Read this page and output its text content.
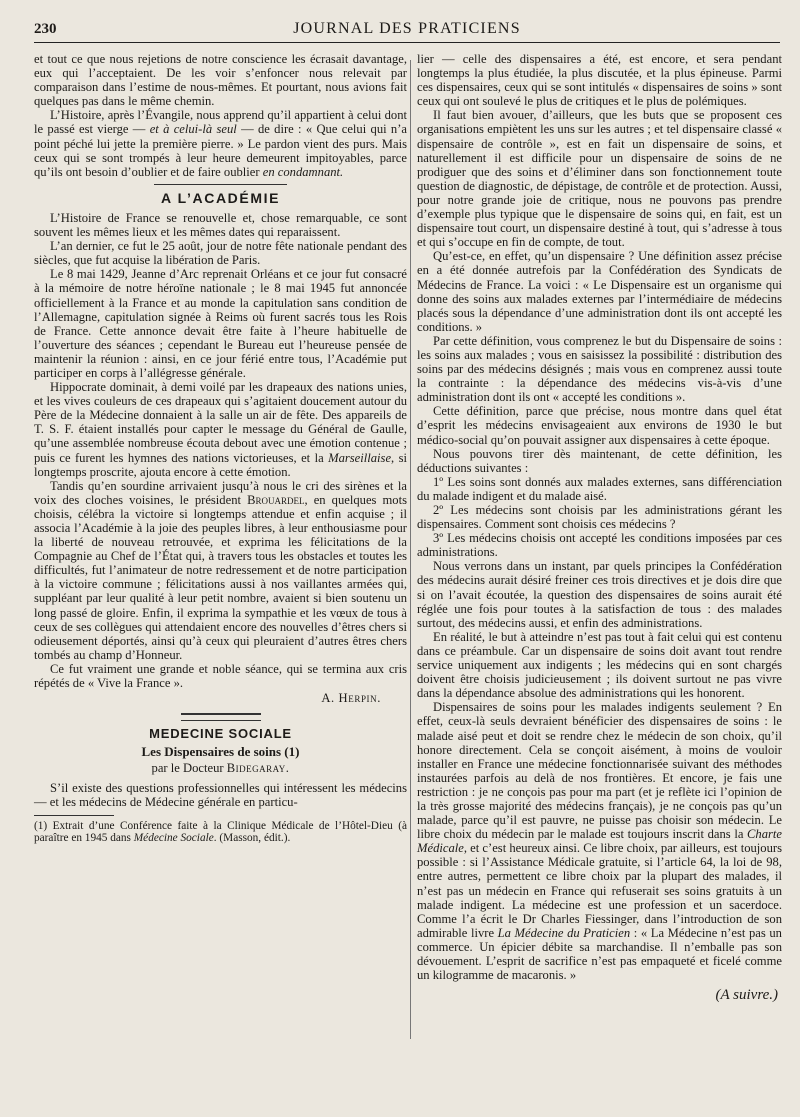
230	JOURNAL DES PRATICIENS

et tout ce que nous rejetions de notre conscience les écrasait davantage, eux qui l’acceptaient. De les voir s’enfoncer nous relevait par comparaison dans l’estime de nous-mêmes. Et pourtant, nous avions fait quelques pas dans le même chemin.

L’Histoire, après l’Évangile, nous apprend qu’il appartient à celui dont le passé est vierge — et à celui-là seul — de dire : « Que celui qui n’a point péché lui jette la première pierre. » Le pardon vient des purs. Mais ceux qui se sont trompés à leur heure demeurent impitoyables, parce qu’ils ont besoin d’oublier et de faire oublier en condamnant.

A L’ACADÉMIE

L’Histoire de France se renouvelle et, chose remarquable, ce sont souvent les mêmes lieux et les mêmes dates qui reparaissent.

L’an dernier, ce fut le 25 août, jour de notre fête nationale pendant des siècles, que fut acquise la libération de Paris.

Le 8 mai 1429, Jeanne d’Arc reprenait Orléans et ce jour fut consacré à la mémoire de notre héroïne nationale ; le 8 mai 1945 fut annoncée officiellement à la France et au monde la capitulation sans condition de l’Allemagne, capitulation signée à Reims où furent sacrés tous les Rois de France. Cette annonce devait être faite à l’heure habituelle de l’ouverture des séances ; cependant le Bureau eut l’heureuse pensée de maintenir la réunion : ainsi, en ce jour férié entre tous, l’Académie put participer en corps à l’allégresse générale.

Hippocrate dominait, à demi voilé par les drapeaux des nations unies, et les vives couleurs de ces drapeaux qui s’agitaient doucement autour du Père de la Médecine donnaient à la salle un air de fête. Des appareils de T. S. F. étaient installés pour capter le message du Général de Gaulle, qu’une assemblée nombreuse écouta debout avec une émotion contenue ; puis ce furent les hymnes des nations victorieuses, et la Marseillaise, si longtemps proscrite, ajouta encore à cette émotion.

Tandis qu’en sourdine arrivaient jusqu’à nous le cri des sirènes et la voix des cloches voisines, le président Brouardel, en quelques mots choisis, célébra la victoire si longtemps attendue et enfin acquise ; il associa l’Académie à la joie des peuples libres, à leur enthousiasme pour la liberté de nouveau retrouvée, et exprima les félicitations de la Compagnie au Chef de l’État qui, à travers tous les obstacles et toutes les difficultés, fut l’animateur de notre redressement et de notre participation à la victoire commune ; félicitations aussi à nos vaillantes armées qui, suppléant par leur qualité à leur petit nombre, avaient si bien soutenu un long passé de gloire. Enfin, il exprima la sympathie et les vœux de tous à ceux de ses collègues qui attendaient encore des nouvelles d’êtres chers si odieusement déportés, ainsi qu’à ceux qui pleuraient d’autres êtres chers tombés au champ d’Honneur.

Ce fut vraiment une grande et noble séance, qui se termina aux cris répétés de « Vive la France ».

A. Herpin.
MEDECINE SOCIALE
Les Dispensaires de soins (1)
par le Docteur Bidegaray.

S’il existe des questions professionnelles qui intéressent les médecins — et les médecins de Médecine générale en particu-

(1) Extrait d’une Conférence faite à la Clinique Médicale de l’Hôtel-Dieu (à paraître en 1945 dans Médecine Sociale. (Masson, édit.).

lier — celle des dispensaires a été, est encore, et sera pendant longtemps la plus étudiée, la plus discutée, et la plus épineuse. Parmi ces dispensaires, ceux qui se sont intitulés « dispensaires de soins » sont ceux qui ont soulevé le plus de critiques et le plus de polémiques.

Il faut bien avouer, d’ailleurs, que les buts que se proposent ces organisations empiètent les uns sur les autres ; et tel dispensaire classé « dispensaire de contrôle », est en fait un dispensaire de soins, et naturellement il est difficile pour un dispensaire de soins de ne prodiguer que des soins et d’éliminer dans son fonctionnement toute question de diagnostic, de dépistage, de contrôle et de protection. Aussi, pour notre grande joie de critique, nous ne pouvons pas prendre d’exemple plus typique que le dispensaire de soins qui, en fait, est un dispensaire tout court, un dispensaire destiné à tout, qui s’adresse à tous et qui s’occupe en fin de compte, de tout.

Qu’est-ce, en effet, qu’un dispensaire ? Une définition assez précise en a été donnée autrefois par la Confédération des Syndicats de Médecins de France. La voici : « Le Dispensaire est un organisme qui donne des soins aux malades externes par l’intermédiaire de médecins placés sous la dépendance d’une administration dont ils ont accepté les conditions. »

Par cette définition, vous comprenez le but du Dispensaire de soins : les soins aux malades ; vous en saisissez la possibilité : distribution des soins par des médecins désignés ; mais vous en comprenez aussi toute la contrainte : la dépendance des médecins vis-à-vis d’une administration dont ils ont « accepté les conditions ».

Cette définition, parce que précise, nous montre dans quel état d’esprit les médecins envisageaient aux environs de 1930 le but médico-social qu’on pouvait assigner aux dispensaires à cette époque.

Nous pouvons tirer dès maintenant, de cette définition, les déductions suivantes :

1º Les soins sont donnés aux malades externes, sans différenciation du malade indigent et du malade aisé.

2º Les médecins sont choisis par les administrations gérant les dispensaires. Comment sont choisis ces médecins ?

3º Les médecins choisis ont accepté les conditions imposées par ces administrations.

Nous verrons dans un instant, par quels principes la Confédération des médecins aurait désiré freiner ces trois directives et je dois dire que si on l’avait écoutée, la question des dispensaires de soins aurait été réglée une fois pour toutes à la satisfaction de tous : des malades surtout, des médecins aussi, et enfin des administrations.

En réalité, le but à atteindre n’est pas tout à fait celui qui est contenu dans ce préambule. Car un dispensaire de soins doit avant tout rendre service uniquement aux indigents ; les médecins qui en sont chargés doivent être choisis judicieusement ; ils doivent surtout ne pas vivre dans la dépendance absolue des administrations qui les honorent.

Dispensaires de soins pour les malades indigents seulement ? En effet, ceux-là seuls devraient bénéficier des dispensaires de soins : le malade aisé peut et doit se rendre chez le médecin de son choix, qu’il honore directement. Cela se conçoit aisément, à moins de vouloir installer en France une médecine fonctionnarisée suivant des méthodes instaurées parfois au delà de nos frontières. Et encore, je fais une restriction : je ne conçois pas pour ma part (et je reflète ici l’opinion de la très grosse majorité des médecins français), je ne conçois pas qu’un malade, parce qu’il est pauvre, ne puisse pas choisir son médecin. Le libre choix du médecin par le malade est toujours inscrit dans la Charte Médicale, et c’est heureux ainsi. Ce libre choix, par ailleurs, est toujours possible : si l’Assistance Médicale gratuite, si l’article 64, la loi de 98, entre autres, permettent ce libre choix par la plupart des malades, il n’est pas un médecin en France qui refuserait ses soins gratuits à un malade indigent. La médecine est une profession et un sacerdoce. Comme l’a écrit le Dr Charles Fiessinger, dans l’introduction de son admirable livre La Médecine du Praticien : « La Médecine n’est pas un commerce. Un épicier débite sa marchandise. Il n’emballe pas son dévouement. L’esprit de sacrifice n’est pas empaqueté et ficelé comme un kilogramme de macaronis. »

(A suivre.)
